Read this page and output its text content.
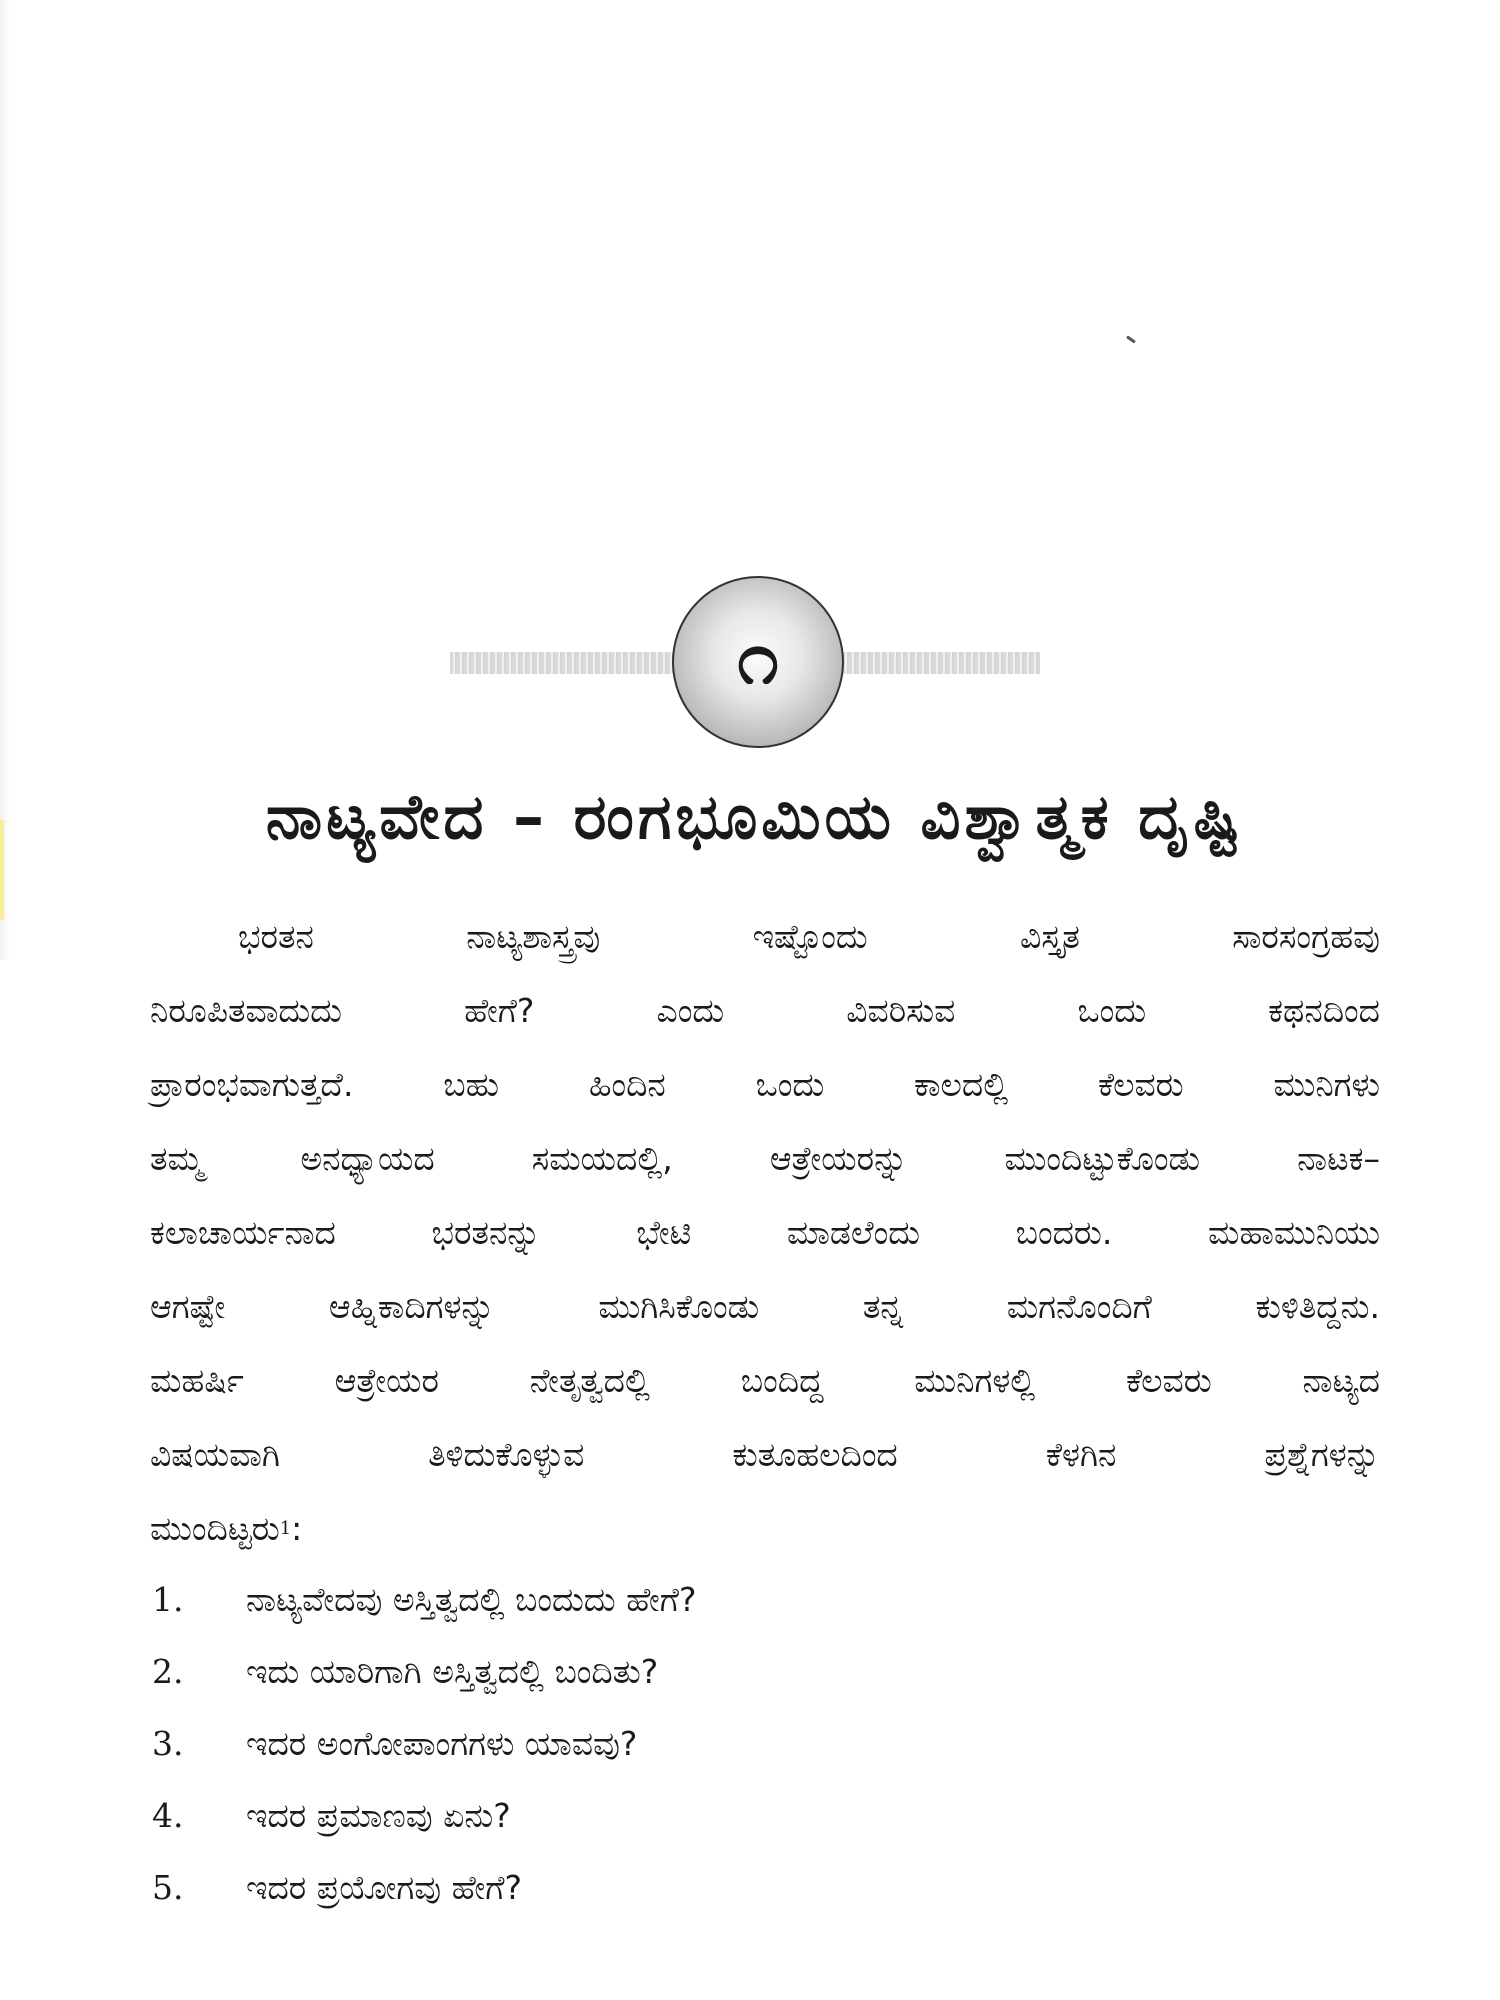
೧
ನಾಟ್ಯವೇದ – ರಂಗಭೂಮಿಯ ವಿಶ್ವಾತ್ಮಕ ದೃಷ್ಟಿ
ಭರತನ	ನಾಟ್ಯಶಾಸ್ತ್ರವು	ಇಷ್ಟೊಂದು	ವಿಸ್ತೃತ	ಸಾರಸಂಗ್ರಹವು
ನಿರೂಪಿತವಾದುದು	ಹೇಗೆ?	ಎಂದು	ವಿವರಿಸುವ	ಒಂದು	ಕಥನದಿಂದ
ಪ್ರಾರಂಭವಾಗುತ್ತದೆ.	ಬಹು	ಹಿಂದಿನ	ಒಂದು	ಕಾಲದಲ್ಲಿ	ಕೆಲವರು	ಮುನಿಗಳು
ತಮ್ಮ	ಅನಧ್ಯಾಯದ	ಸಮಯದಲ್ಲಿ,	ಆತ್ರೇಯರನ್ನು	ಮುಂದಿಟ್ಟುಕೊಂಡು	ನಾಟಕ–
ಕಲಾಚಾರ್ಯನಾದ	ಭರತನನ್ನು	ಭೇಟಿ	ಮಾಡಲೆಂದು	ಬಂದರು.	ಮಹಾಮುನಿಯು
ಆಗಷ್ಟೇ	ಆಹ್ನಿಕಾದಿಗಳನ್ನು	ಮುಗಿಸಿಕೊಂಡು	ತನ್ನ	ಮಗನೊಂದಿಗೆ	ಕುಳಿತಿದ್ದನು.
ಮಹರ್ಷಿ	ಆತ್ರೇಯರ	ನೇತೃತ್ವದಲ್ಲಿ	ಬಂದಿದ್ದ	ಮುನಿಗಳಲ್ಲಿ	ಕೆಲವರು	ನಾಟ್ಯದ
ವಿಷಯವಾಗಿ	ತಿಳಿದುಕೊಳ್ಳುವ	ಕುತೂಹಲದಿಂದ	ಕೆಳಗಿನ	ಪ್ರಶ್ನೆಗಳನ್ನು
ಮುಂದಿಟ್ಟರು 1 :
1.	ನಾಟ್ಯವೇದವು ಅಸ್ತಿತ್ವದಲ್ಲಿ ಬಂದುದು ಹೇಗೆ?
2.	ಇದು ಯಾರಿಗಾಗಿ ಅಸ್ತಿತ್ವದಲ್ಲಿ ಬಂದಿತು?
3.	ಇದರ ಅಂಗೋಪಾಂಗಗಳು ಯಾವವು?
4.	ಇದರ ಪ್ರಮಾಣವು ಏನು?
5.	ಇದರ ಪ್ರಯೋಗವು ಹೇಗೆ?
